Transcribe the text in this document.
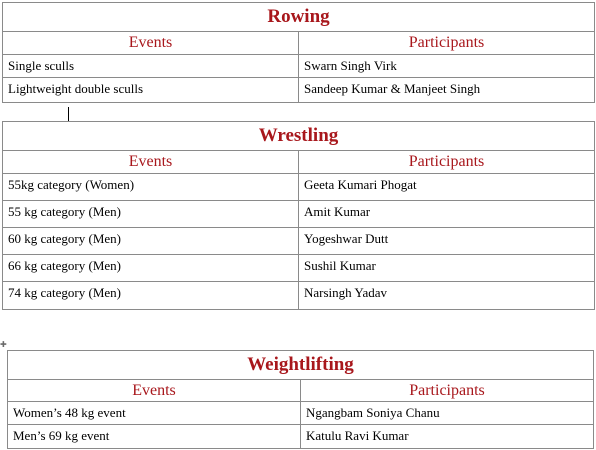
Rowing	
Events	Participants
Single sculls	Swarn Singh Virk
Lightweight double sculls	Sandeep Kumar & Manjeet Singh
Wrestling	
Events	Participants
55kg category (Women)	Geeta Kumari Phogat
55 kg category (Men)	Amit Kumar
60 kg category (Men)	Yogeshwar Dutt
66 kg category (Men)	Sushil Kumar
74 kg category (Men)	Narsingh Yadav
✚
Weightlifting	
Events	Participants
Women’s 48 kg event	Ngangbam Soniya Chanu
Men’s 69 kg event	Katulu Ravi Kumar
